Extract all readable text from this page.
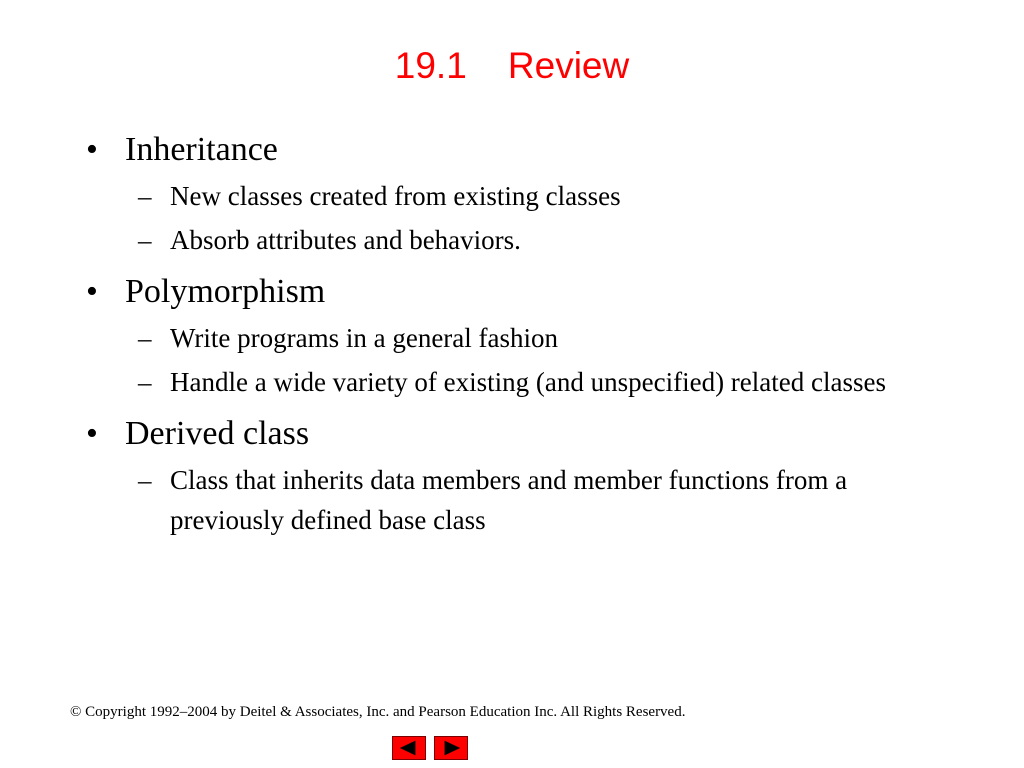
19.1    Review
• Inheritance
– New classes created from existing classes
– Absorb attributes and behaviors.
• Polymorphism
– Write programs in a general fashion
– Handle a wide variety of existing (and unspecified) related classes
• Derived class
– Class that inherits data members and member functions from a previously defined base class
© Copyright 1992–2004 by Deitel & Associates, Inc. and Pearson Education Inc. All Rights Reserved.
